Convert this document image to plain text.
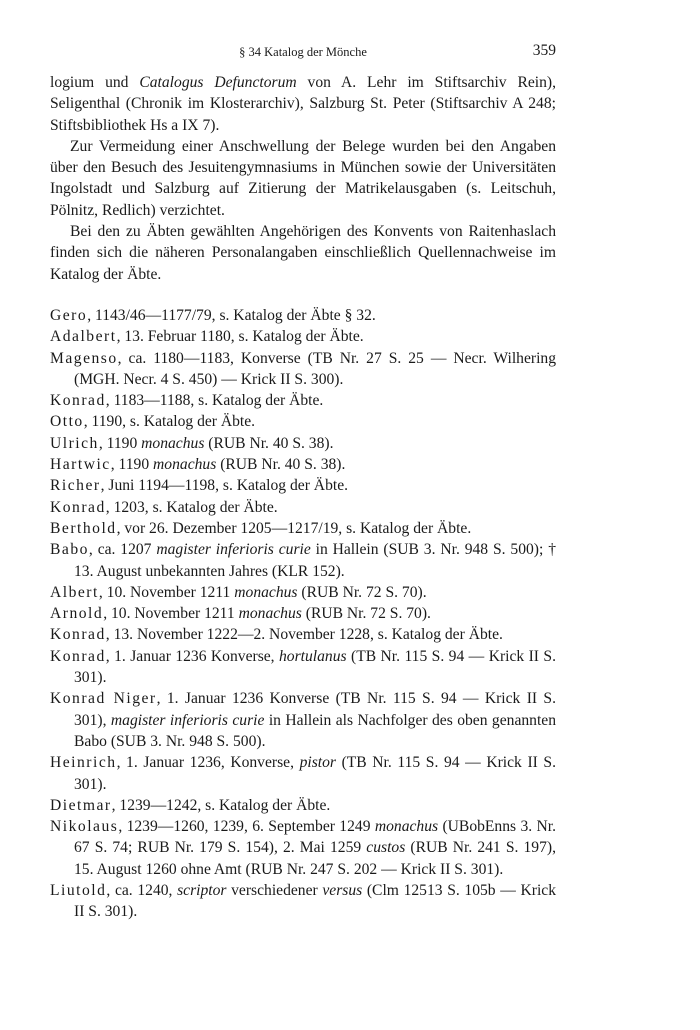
§ 34 Katalog der Mönche	359

logium und Catalogus Defunctorum von A. Lehr im Stiftsarchiv Rein), Seligenthal (Chronik im Klosterarchiv), Salzburg St. Peter (Stiftsarchiv A 248; Stiftsbibliothek Hs a IX 7).

Zur Vermeidung einer Anschwellung der Belege wurden bei den Angaben über den Besuch des Jesuitengymnasiums in München sowie der Universitäten Ingolstadt und Salzburg auf Zitierung der Matrikelausgaben (s. Leitschuh, Pölnitz, Redlich) verzichtet.

Bei den zu Äbten gewählten Angehörigen des Konvents von Raitenhaslach finden sich die näheren Personalangaben einschließlich Quellennachweise im Katalog der Äbte.

Gero, 1143/46—1177/79, s. Katalog der Äbte § 32.

Adalbert, 13. Februar 1180, s. Katalog der Äbte.

Magenso, ca. 1180—1183, Konverse (TB Nr. 27 S. 25 — Necr. Wilhering (MGH. Necr. 4 S. 450) — Krick II S. 300).

Konrad, 1183—1188, s. Katalog der Äbte.

Otto, 1190, s. Katalog der Äbte.

Ulrich, 1190 monachus (RUB Nr. 40 S. 38).

Hartwic, 1190 monachus (RUB Nr. 40 S. 38).

Richer, Juni 1194—1198, s. Katalog der Äbte.

Konrad, 1203, s. Katalog der Äbte.

Berthold, vor 26. Dezember 1205—1217/19, s. Katalog der Äbte.

Babo, ca. 1207 magister inferioris curie in Hallein (SUB 3. Nr. 948 S. 500); † 13. August unbekannten Jahres (KLR 152).

Albert, 10. November 1211 monachus (RUB Nr. 72 S. 70).

Arnold, 10. November 1211 monachus (RUB Nr. 72 S. 70).

Konrad, 13. November 1222—2. November 1228, s. Katalog der Äbte.

Konrad, 1. Januar 1236 Konverse, hortulanus (TB Nr. 115 S. 94 — Krick II S. 301).

Konrad Niger, 1. Januar 1236 Konverse (TB Nr. 115 S. 94 — Krick II S. 301), magister inferioris curie in Hallein als Nachfolger des oben genannten Babo (SUB 3. Nr. 948 S. 500).

Heinrich, 1. Januar 1236, Konverse, pistor (TB Nr. 115 S. 94 — Krick II S. 301).

Dietmar, 1239—1242, s. Katalog der Äbte.

Nikolaus, 1239—1260, 1239, 6. September 1249 monachus (UBobEnns 3. Nr. 67 S. 74; RUB Nr. 179 S. 154), 2. Mai 1259 custos (RUB Nr. 241 S. 197), 15. August 1260 ohne Amt (RUB Nr. 247 S. 202 — Krick II S. 301).

Liutold, ca. 1240, scriptor verschiedener versus (Clm 12513 S. 105b — Krick II S. 301).
